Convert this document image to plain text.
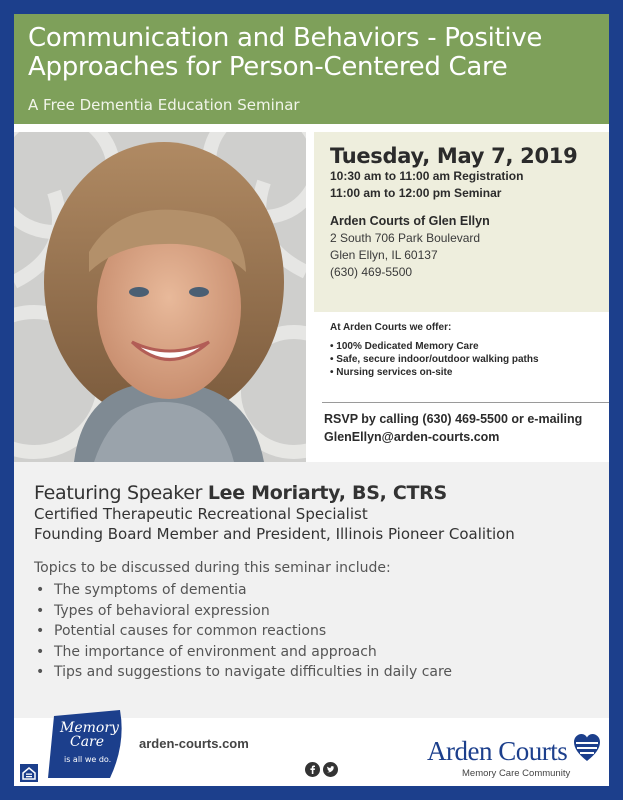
Communication and Behaviors - Positive Approaches for Person-Centered Care
A Free Dementia Education Seminar
Tuesday, May 7, 2019
10:30 am to 11:00 am Registration
11:00 am to 12:00 pm Seminar
Arden Courts of Glen Ellyn
2 South 706 Park Boulevard
Glen Ellyn, IL 60137
(630) 469-5500
At Arden Courts we offer:
• 100% Dedicated Memory Care
• Safe, secure indoor/outdoor walking paths
• Nursing services on-site
RSVP by calling (630) 469-5500 or e-mailing
GlenEllyn@arden-courts.com
Featuring Speaker Lee Moriarty, BS, CTRS
Certified Therapeutic Recreational Specialist
Founding Board Member and President, Illinois Pioneer Coalition
Topics to be discussed during this seminar include:
• The symptoms of dementia
• Types of behavioral expression
• Potential causes for common reactions
• The importance of environment and approach
• Tips and suggestions to navigate difficulties in daily care
Memory
Care
is all we do.
arden-courts.com	Arden Courts
Memory Care Community
